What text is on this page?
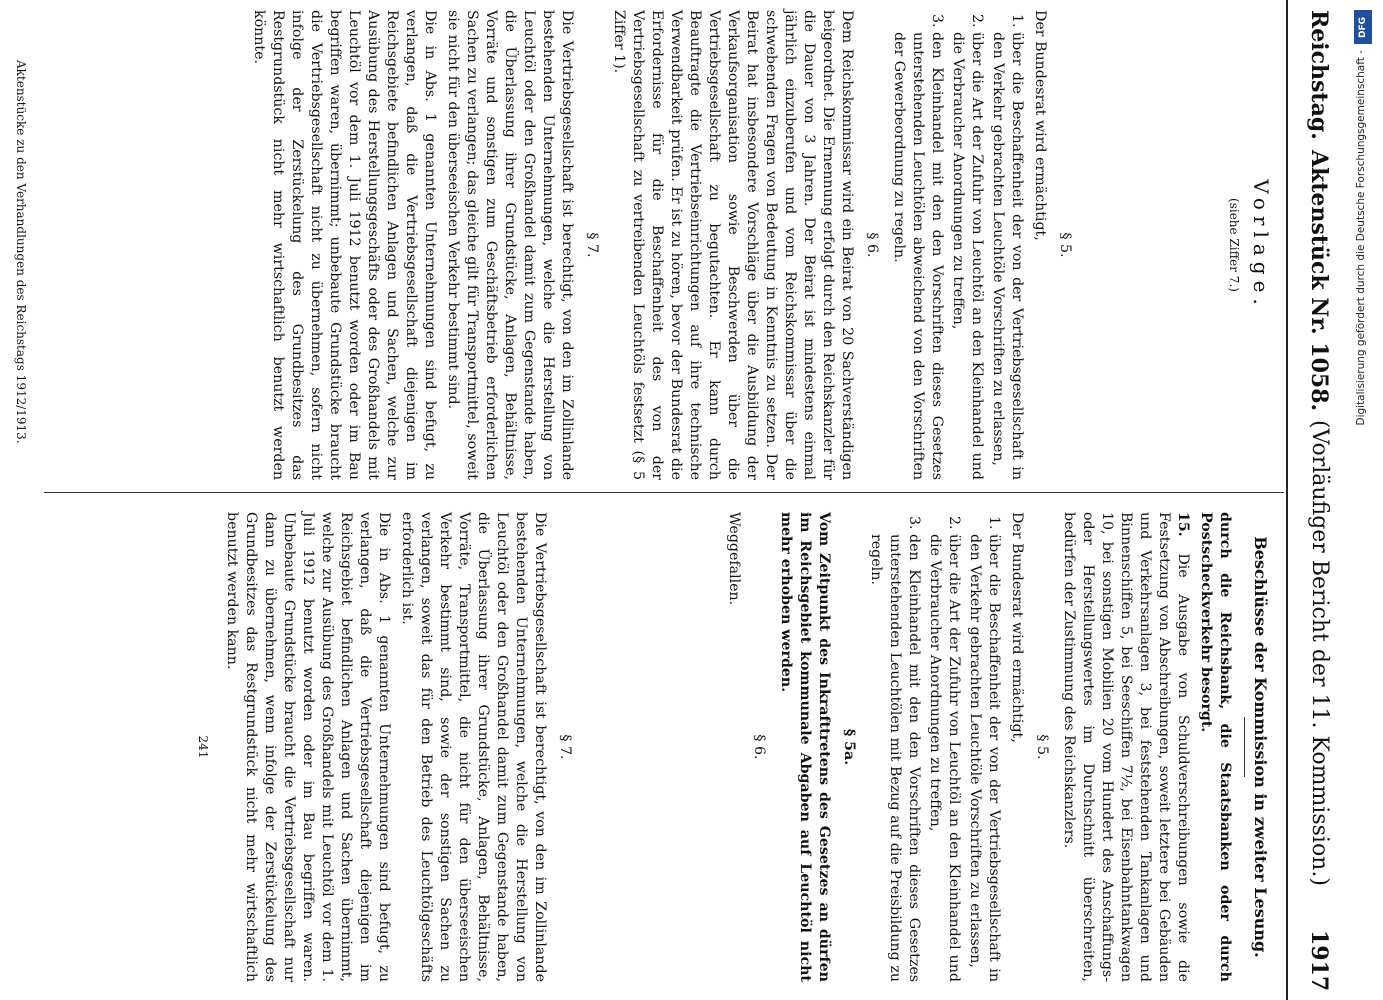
Reichstag.
Aktenstück Nr. 1058.
(Vorläufiger Bericht der 11. Kommission.)
1917

Vorlage.

(siehe Ziffer 7.)

§ 5.

Der Bundesrat wird ermächtigt,

1. über die Beschaffenheit der von der Vertriebsgesellschaft in den Verkehr gebrachten Leuchtöle Vorschriften zu erlassen,
2. über die Art der Zufuhr von Leuchtöl an den Kleinhandel und die Verbraucher Anordnungen zu treffen,
3. den Kleinhandel mit den den Vorschriften dieses Gesetzes unterstehenden Leuchtölen abweichend von den Vorschriften der Gewerbeordnung zu regeln.

§ 6.

Dem Reichskommissar wird ein Beirat von 20 Sachverständigen beigeordnet. Die Ernennung erfolgt durch den Reichskanzler für die Dauer von 3 Jahren. Der Beirat ist mindestens einmal jährlich einzuberufen und vom Reichskommissar über die schwebenden Fragen von Bedeutung in Kenntnis zu setzen. Der Beirat hat insbesondere Vorschläge über die Ausbildung der Verkaufsorganisation sowie Beschwerden über die Vertriebsgesellschaft zu begutachten. Er kann durch Beauftragte die Vertriebseinrichtungen auf ihre technische Verwendbarkeit prüfen. Er ist zu hören, bevor der Bundesrat die Erfordernisse für die Beschaffenheit des von der Vertriebsgesellschaft zu vertreibenden Leuchtöls festsetzt (§ 5 Ziffer 1).

§ 7.

Die Vertriebsgesellschaft ist berechtigt, von den im Zollinlande bestehenden Unternehmungen, welche die Herstellung von Leuchtöl oder den Großhandel damit zum Gegenstande haben, die Überlassung ihrer Grundstücke, Anlagen, Behältnisse, Vorräte und sonstigen zum Geschäftsbetrieb erforderlichen Sachen zu verlangen; das gleiche gilt für Transportmittel, soweit sie nicht für den überseeischen Verkehr bestimmt sind.

Die in Abs. 1 genannten Unternehmungen sind befugt, zu verlangen, daß die Vertriebsgesellschaft diejenigen im Reichsgebiete befindlichen Anlagen und Sachen, welche zur Ausübung des Herstellungsgeschäfts oder des Großhandels mit Leuchtöl vor dem 1. Juli 1912 benutzt worden oder im Bau begriffen waren, übernimmt; unbebaute Grundstücke braucht die Vertriebsgesellschaft nicht zu übernehmen, sofern nicht infolge der Zerstückelung des Grundbesitzes das Restgrundstück nicht mehr wirtschaftlich benutzt werden könnte.

Aktenstücke zu den Verhandlungen des Reichstags 1912/1913.

Beschlüsse der Kommission in zweiter Lesung.

durch die Reichsbank, die Staatsbanken oder durch Postscheckverkehr besorgt.

15. Die Ausgabe von Schuldverschreibungen sowie die Festsetzung von Abschreibungen, soweit letztere bei Gebäuden und Verkehrsanlagen 3, bei feststehenden Tankanlagen und Binnenschiffen 5, bei Seeschiffen 7½, bei Eisenbahntankwagen 10, bei sonstigen Mobilien 20 vom Hundert des Anschaffungs- oder Herstellungswertes im Durchschnitt überschreiten, bedürfen der Zustimmung des Reichskanzlers.

§ 5.

Der Bundesrat wird ermächtigt,

1. über die Beschaffenheit der von der Vertriebsgesellschaft in den Verkehr gebrachten Leuchtöle Vorschriften zu erlassen,
2. über die Art der Zufuhr von Leuchtöl an den Kleinhandel und die Verbraucher Anordnungen zu treffen,
3. den Kleinhandel mit den den Vorschriften dieses Gesetzes unterstehenden Leuchtölen mit Bezug auf die Preisbildung zu regeln.

§ 5a.

Vom Zeitpunkt des Inkrafttretens des Gesetzes an dürfen im Reichsgebiet kommunale Abgaben auf Leuchtöl nicht mehr erhoben werden.

§ 6.

Weggefallen.

§ 7.

Die Vertriebsgesellschaft ist berechtigt, von den im Zollinlande bestehenden Unternehmungen, welche die Herstellung von Leuchtöl oder den Großhandel damit zum Gegenstande haben, die Überlassung ihrer Grundstücke, Anlagen, Behältnisse, Vorräte, Transportmittel, die nicht für den überseeischen Verkehr bestimmt sind, sowie der sonstigen Sachen zu verlangen, soweit das für den Betrieb des Leuchtölgeschäfts erforderlich ist.

Die in Abs. 1 genannten Unternehmungen sind befugt, zu verlangen, daß die Vertriebsgesellschaft diejenigen im Reichsgebiet befindlichen Anlagen und Sachen übernimmt, welche zur Ausübung des Großhandels mit Leuchtöl vor dem 1. Juli 1912 benutzt worden oder im Bau begriffen waren. Unbebaute Grundstücke braucht die Vertriebsgesellschaft nur dann zu übernehmen, wenn infolge der Zerstückelung des Grundbesitzes das Restgrundstück nicht mehr wirtschaftlich benutzt werden kann.

241

DFG
Digitalisierung gefördert durch die Deutsche Forschungsgemeinschaft -
